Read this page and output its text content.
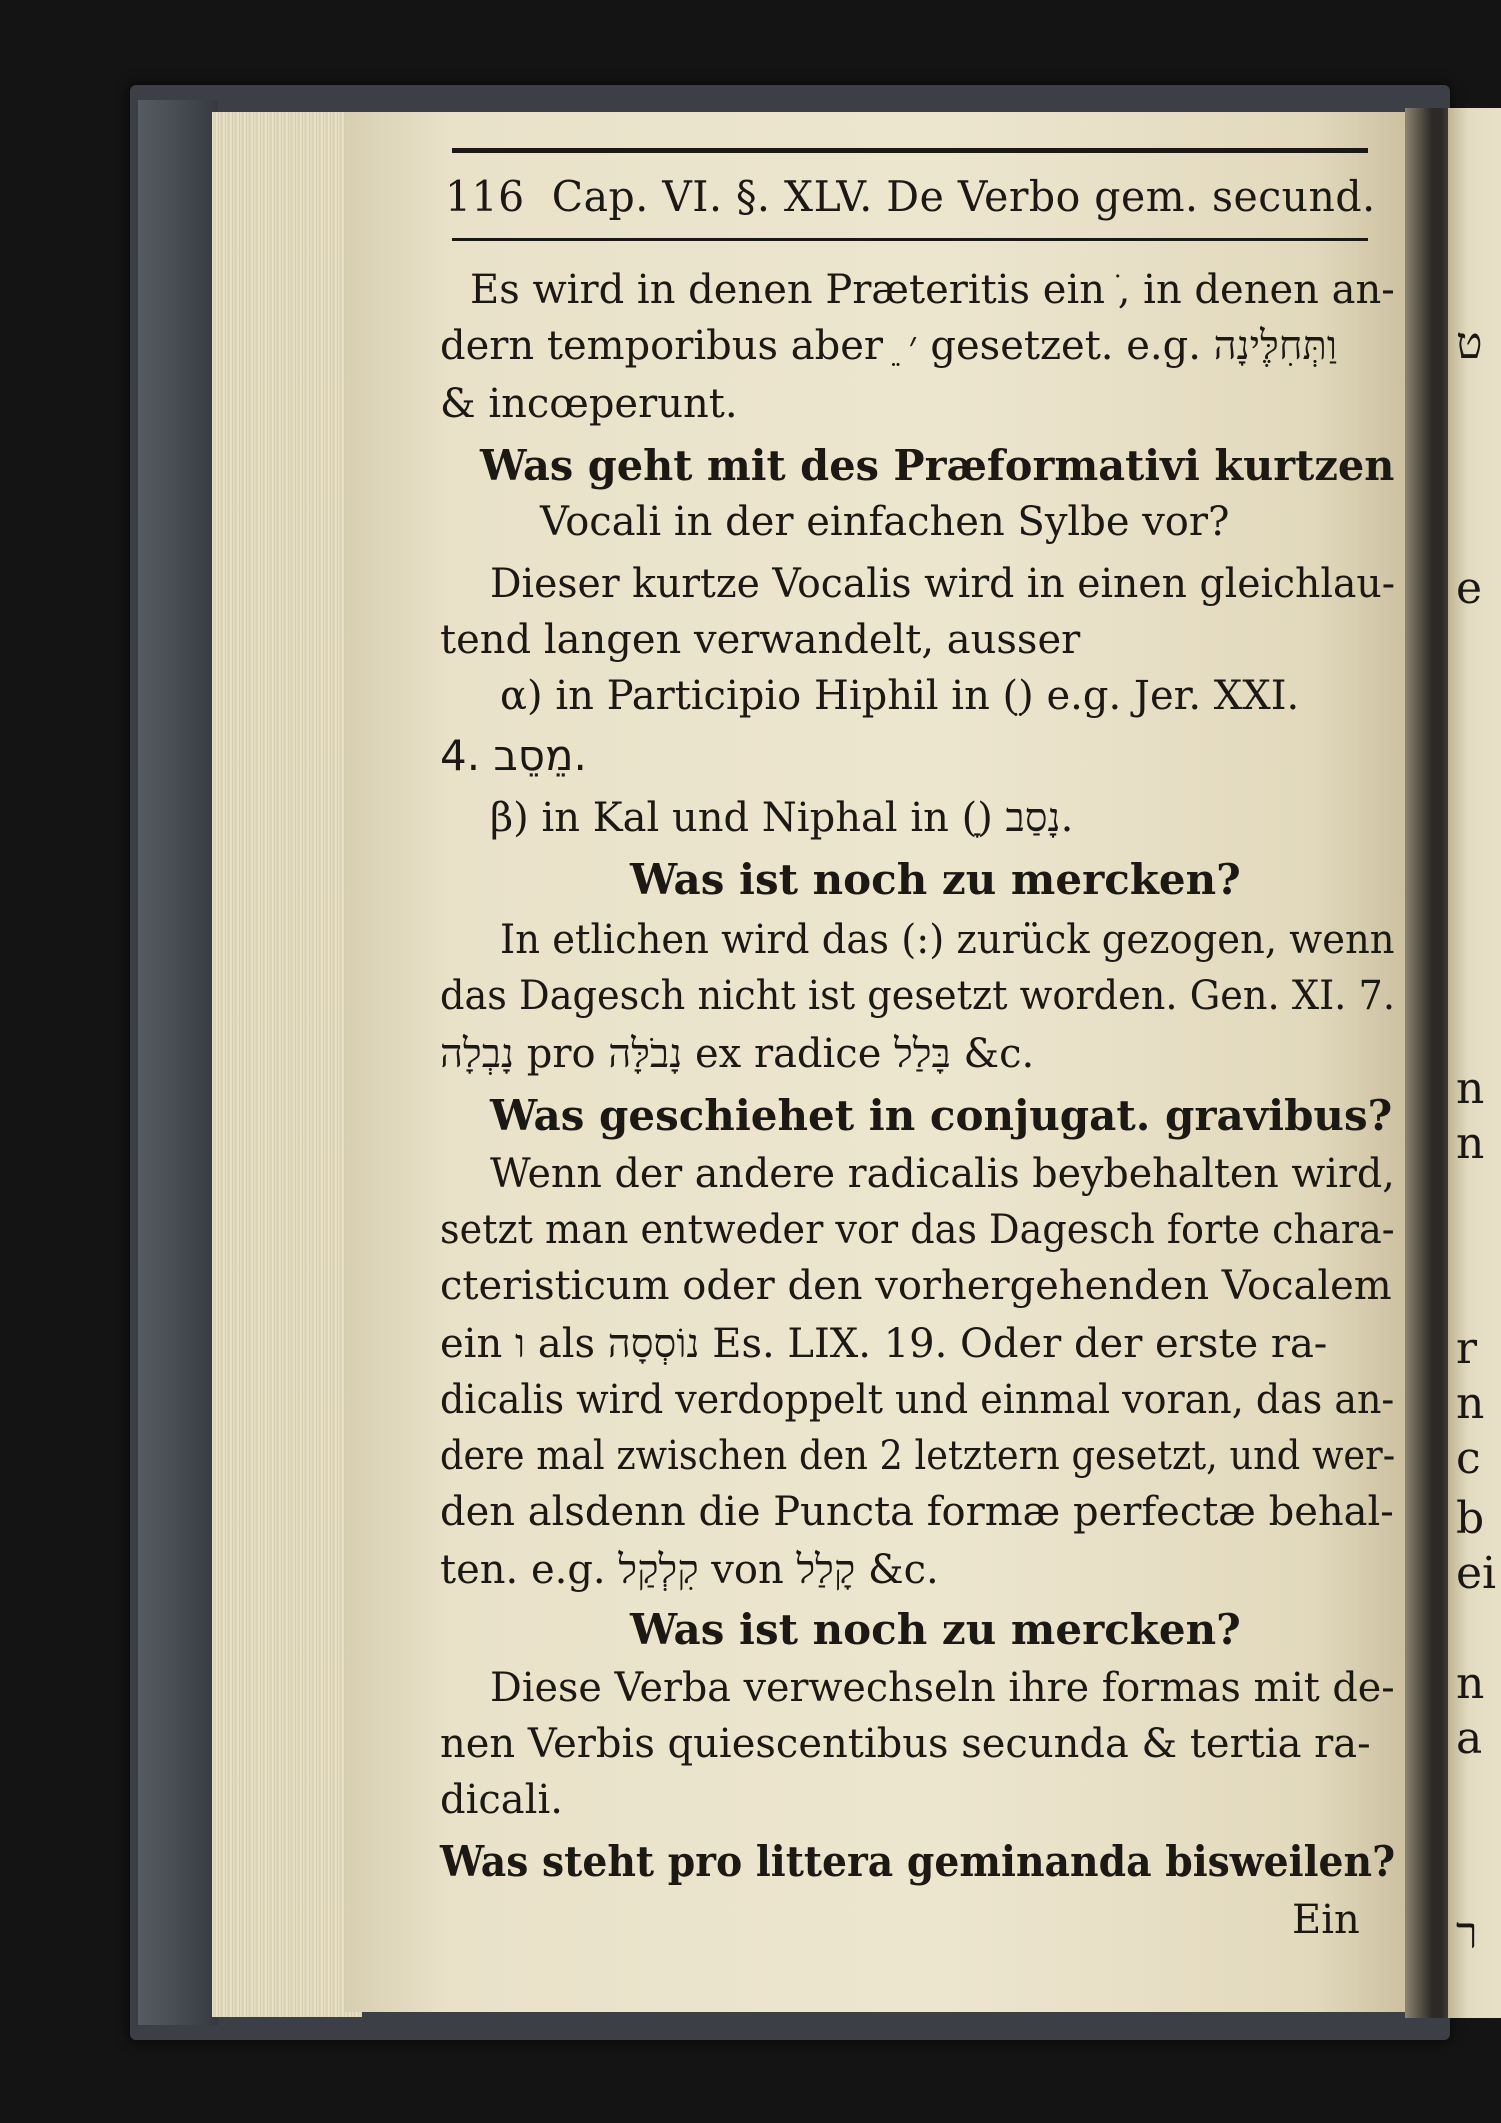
ט
e
n
n
r
n
c
b
ei
n
a
ר
116 Cap. VI. §. XLV. De Verbo gem. secund.
Es wird in denen Præteritis ein ֹ, in denen an-
dern temporibus aber ֵ ׳ gesetzet. e.g. וַתְּחִלֶּינָה
& incœperunt.
Was geht mit des Præformativi kurtzen
Vocali in der einfachen Sylbe vor?
Dieser kurtze Vocalis wird in einen gleichlau-
tend langen verwandelt, ausser
α) in Participio Hiphil in (ֵ) e.g. Jer. XXI.
4. מֵסֵב.
β) in Kal und Niphal in (ָ) נָסַב.
Was ist noch zu mercken?
In etlichen wird das (:) zurück gezogen, wenn
das Dagesch nicht ist gesetzt worden. Gen. XI. 7.
נָבְלָה pro נָבֹלָּה ex radice בָּלַל &c.
Was geschiehet in conjugat. gravibus?
Wenn der andere radicalis beybehalten wird,
setzt man entweder vor das Dagesch forte chara-
cteristicum oder den vorhergehenden Vocalem
ein ו als נוֹסְסָה Es. LIX. 19. Oder der erste ra-
dicalis wird verdoppelt und einmal voran, das an-
dere mal zwischen den 2 letztern gesetzt, und wer-
den alsdenn die Puncta formæ perfectæ behal-
ten. e.g. קִלְקַל von קָלַל &c.
Was ist noch zu mercken?
Diese Verba verwechseln ihre formas mit de-
nen Verbis quiescentibus secunda & tertia ra-
dicali.
Was steht pro littera geminanda bisweilen?
Ein
